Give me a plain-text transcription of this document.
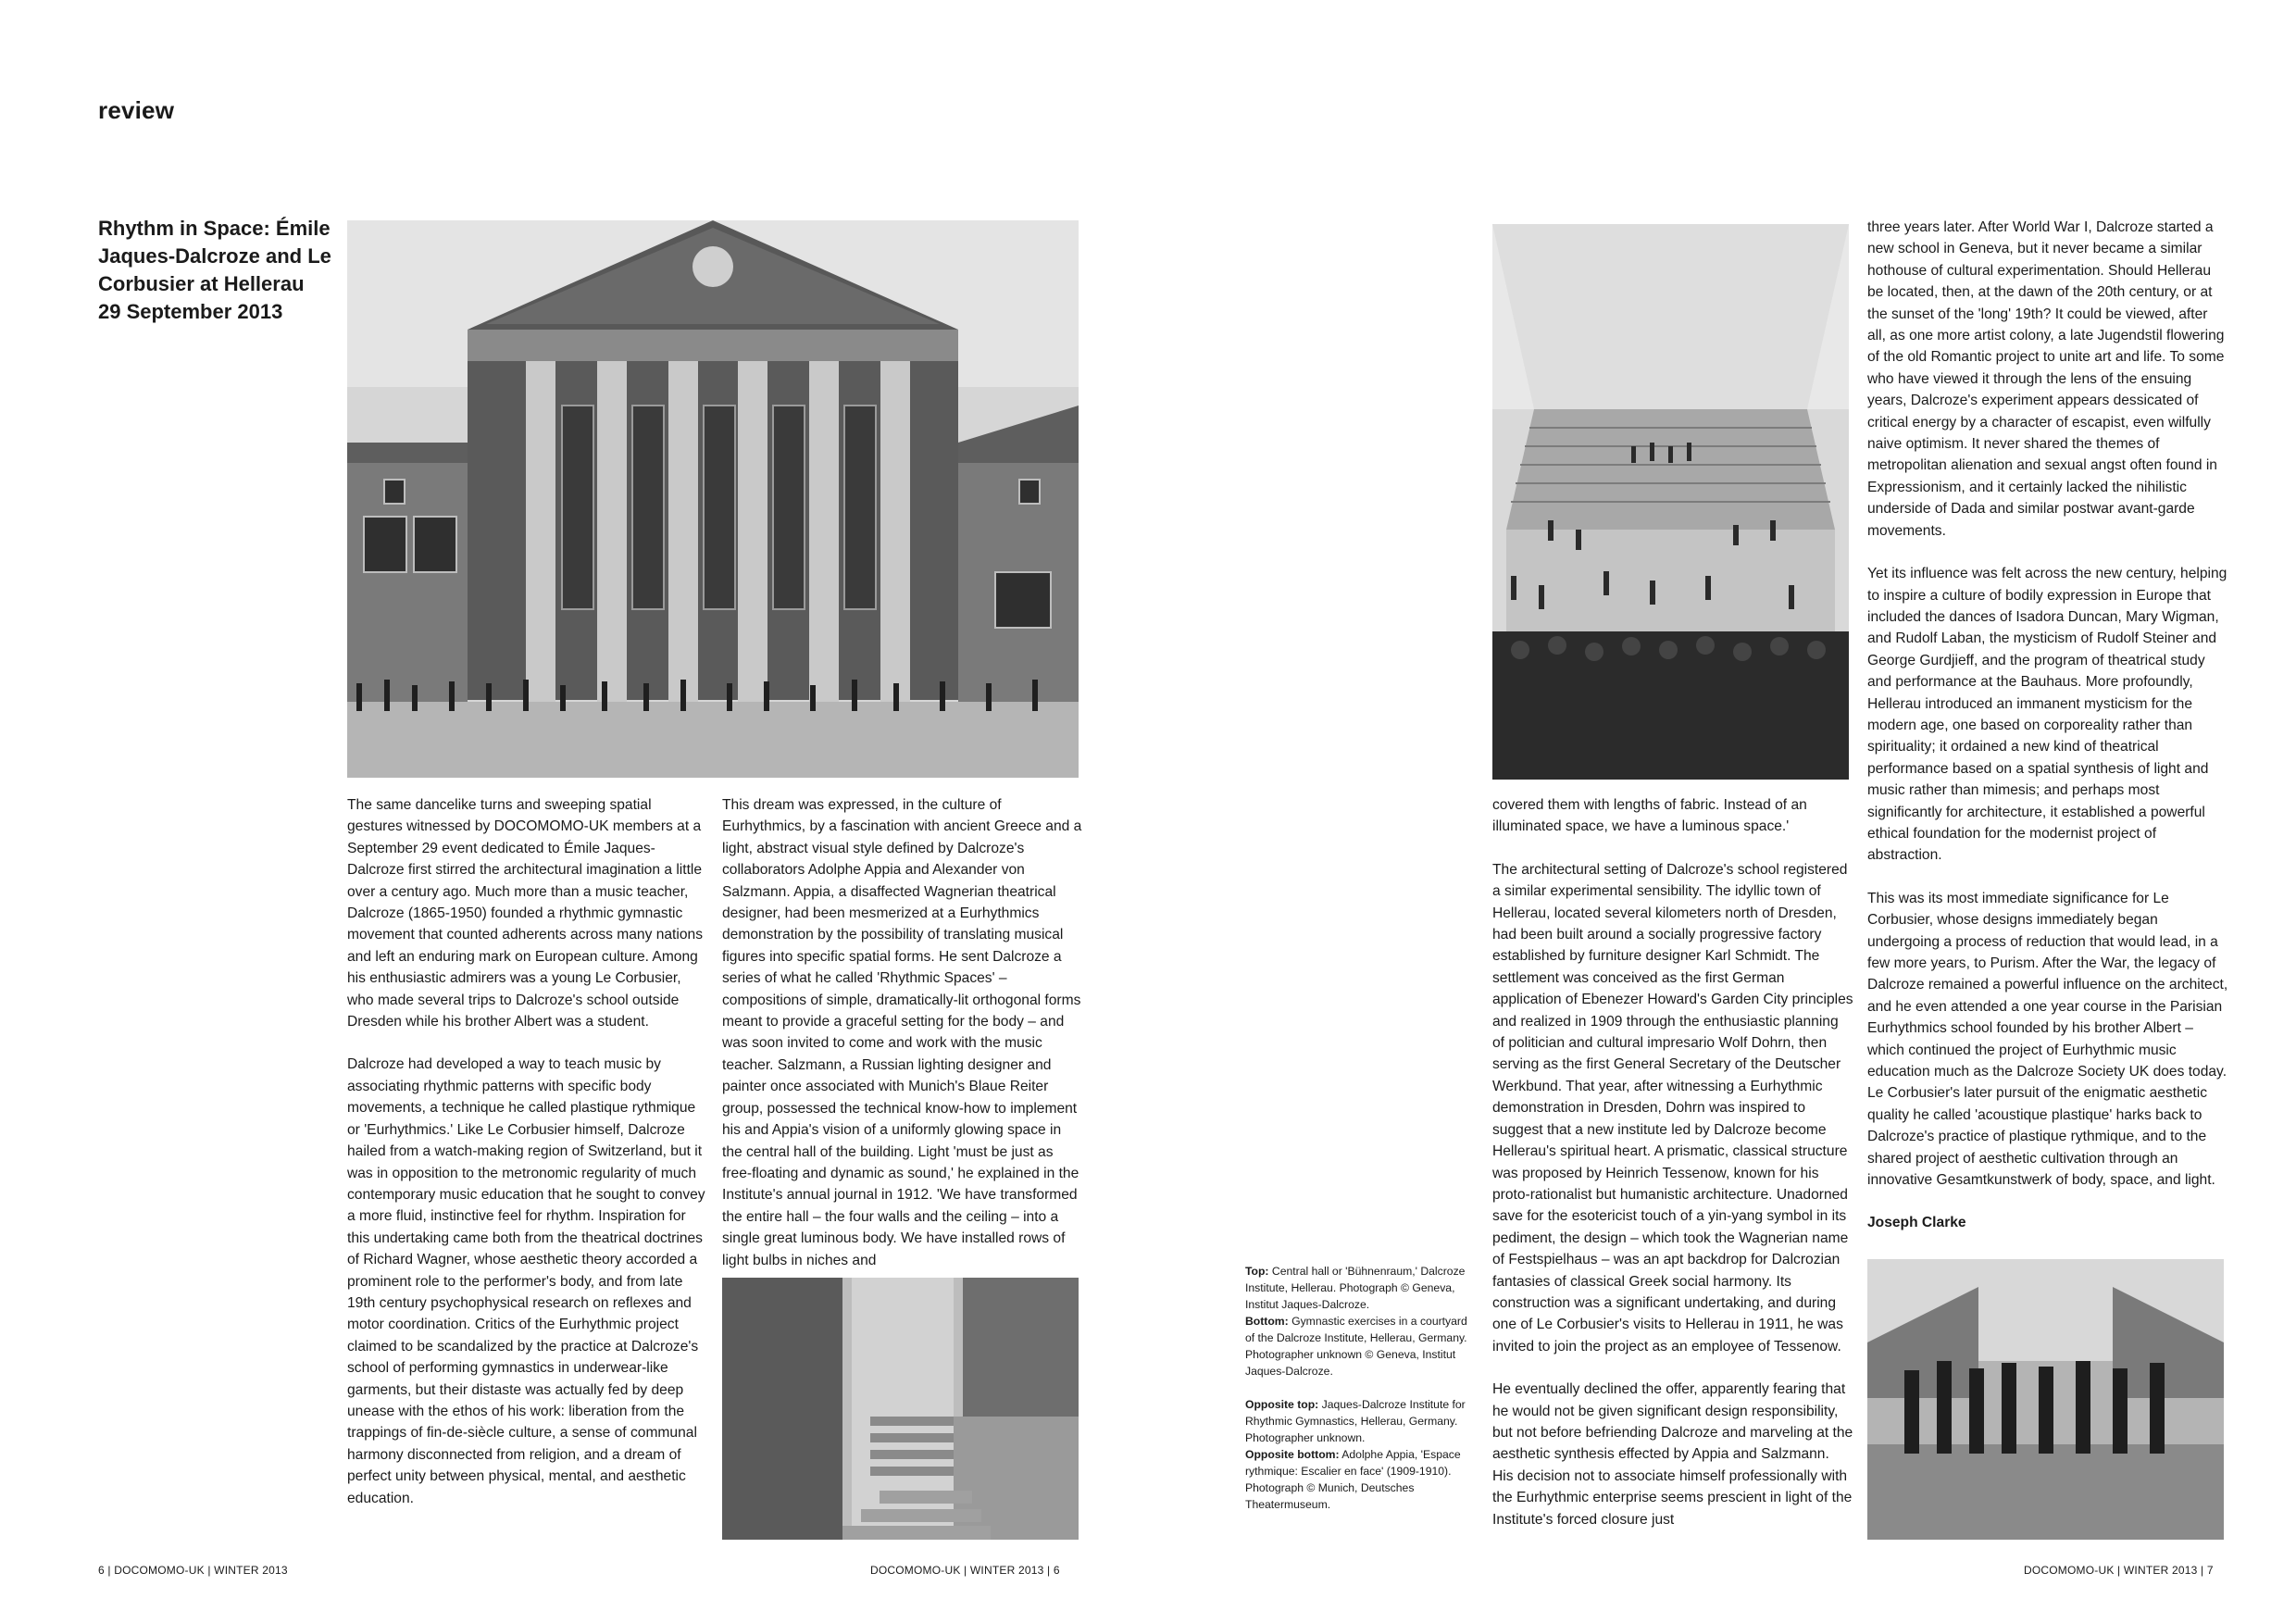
review
Rhythm in Space: Émile Jaques-Dalcroze and Le Corbusier at Hellerau
29 September 2013

The same dancelike turns and sweeping spatial gestures witnessed by DOCOMOMO-UK members at a September 29 event dedicated to Émile Jaques-Dalcroze first stirred the architectural imagination a little over a century ago. Much more than a music teacher, Dalcroze (1865-1950) founded a rhythmic gymnastic movement that counted adherents across many nations and left an enduring mark on European culture. Among his enthusiastic admirers was a young Le Corbusier, who made several trips to Dalcroze's school outside Dresden while his brother Albert was a student.

Dalcroze had developed a way to teach music by associating rhythmic patterns with specific body movements, a technique he called plastique rythmique or 'Eurhythmics.' Like Le Corbusier himself, Dalcroze hailed from a watch-making region of Switzerland, but it was in opposition to the metronomic regularity of much contemporary music education that he sought to convey a more fluid, instinctive feel for rhythm. Inspiration for this undertaking came both from the theatrical doctrines of Richard Wagner, whose aesthetic theory accorded a prominent role to the performer's body, and from late 19th century psychophysical research on reflexes and motor coordination. Critics of the Eurhythmic project claimed to be scandalized by the practice at Dalcroze's school of performing gymnastics in underwear-like garments, but their distaste was actually fed by deep unease with the ethos of his work: liberation from the trappings of fin-de-siècle culture, a sense of communal harmony disconnected from religion, and a dream of perfect unity between physical, mental, and aesthetic education.

This dream was expressed, in the culture of Eurhythmics, by a fascination with ancient Greece and a light, abstract visual style defined by Dalcroze's collaborators Adolphe Appia and Alexander von Salzmann. Appia, a disaffected Wagnerian theatrical designer, had been mesmerized at a Eurhythmics demonstration by the possibility of translating musical figures into specific spatial forms. He sent Dalcroze a series of what he called 'Rhythmic Spaces' – compositions of simple, dramatically-lit orthogonal forms meant to provide a graceful setting for the body – and was soon invited to come and work with the music teacher. Salzmann, a Russian lighting designer and painter once associated with Munich's Blaue Reiter group, possessed the technical know-how to implement his and Appia's vision of a uniformly glowing space in the central hall of the building. Light 'must be just as free-floating and dynamic as sound,' he explained in the Institute's annual journal in 1912. 'We have transformed the entire hall – the four walls and the ceiling – into a single great luminous body. We have installed rows of light bulbs in niches and

Top: Central hall or 'Bühnenraum,' Dalcroze Institute, Hellerau. Photograph © Geneva, Institut Jaques-Dalcroze.
Bottom: Gymnastic exercises in a courtyard of the Dalcroze Institute, Hellerau, Germany. Photographer unknown © Geneva, Institut Jaques-Dalcroze.

Opposite top: Jaques-Dalcroze Institute for Rhythmic Gymnastics, Hellerau, Germany. Photographer unknown.
Opposite bottom: Adolphe Appia, 'Espace rythmique: Escalier en face' (1909-1910). Photograph © Munich, Deutsches Theatermuseum.

covered them with lengths of fabric. Instead of an illuminated space, we have a luminous space.'

The architectural setting of Dalcroze's school registered a similar experimental sensibility. The idyllic town of Hellerau, located several kilometers north of Dresden, had been built around a socially progressive factory established by furniture designer Karl Schmidt. The settlement was conceived as the first German application of Ebenezer Howard's Garden City principles and realized in 1909 through the enthusiastic planning of politician and cultural impresario Wolf Dohrn, then serving as the first General Secretary of the Deutscher Werkbund. That year, after witnessing a Eurhythmic demonstration in Dresden, Dohrn was inspired to suggest that a new institute led by Dalcroze become Hellerau's spiritual heart. A prismatic, classical structure was proposed by Heinrich Tessenow, known for his proto-rationalist but humanistic architecture. Unadorned save for the esotericist touch of a yin-yang symbol in its pediment, the design – which took the Wagnerian name of Festspielhaus – was an apt backdrop for Dalcrozian fantasies of classical Greek social harmony. Its construction was a significant undertaking, and during one of Le Corbusier's visits to Hellerau in 1911, he was invited to join the project as an employee of Tessenow.

He eventually declined the offer, apparently fearing that he would not be given significant design responsibility, but not before befriending Dalcroze and marveling at the aesthetic synthesis effected by Appia and Salzmann. His decision not to associate himself professionally with the Eurhythmic enterprise seems prescient in light of the Institute's forced closure just

three years later. After World War I, Dalcroze started a new school in Geneva, but it never became a similar hothouse of cultural experimentation. Should Hellerau be located, then, at the dawn of the 20th century, or at the sunset of the 'long' 19th? It could be viewed, after all, as one more artist colony, a late Jugendstil flowering of the old Romantic project to unite art and life. To some who have viewed it through the lens of the ensuing years, Dalcroze's experiment appears dessicated of critical energy by a character of escapist, even wilfully naive optimism. It never shared the themes of metropolitan alienation and sexual angst often found in Expressionism, and it certainly lacked the nihilistic underside of Dada and similar postwar avant-garde movements.

Yet its influence was felt across the new century, helping to inspire a culture of bodily expression in Europe that included the dances of Isadora Duncan, Mary Wigman, and Rudolf Laban, the mysticism of Rudolf Steiner and George Gurdjieff, and the program of theatrical study and performance at the Bauhaus. More profoundly, Hellerau introduced an immanent mysticism for the modern age, one based on corporeality rather than spirituality; it ordained a new kind of theatrical performance based on a spatial synthesis of light and music rather than mimesis; and perhaps most significantly for architecture, it established a powerful ethical foundation for the modernist project of abstraction.

This was its most immediate significance for Le Corbusier, whose designs immediately began undergoing a process of reduction that would lead, in a few more years, to Purism. After the War, the legacy of Dalcroze remained a powerful influence on the architect, and he even attended a one year course in the Parisian Eurhythmics school founded by his brother Albert – which continued the project of Eurhythmic music education much as the Dalcroze Society UK does today. Le Corbusier's later pursuit of the enigmatic aesthetic quality he called 'acoustique plastique' harks back to Dalcroze's practice of plastique rythmique, and to the shared project of aesthetic cultivation through an innovative Gesamtkunstwerk of body, space, and light.

Joseph Clarke

6 | DOCOMOMO-UK | WINTER 2013	DOCOMOMO-UK | WINTER 2013 | 6	DOCOMOMO-UK | WINTER 2013 | 7
